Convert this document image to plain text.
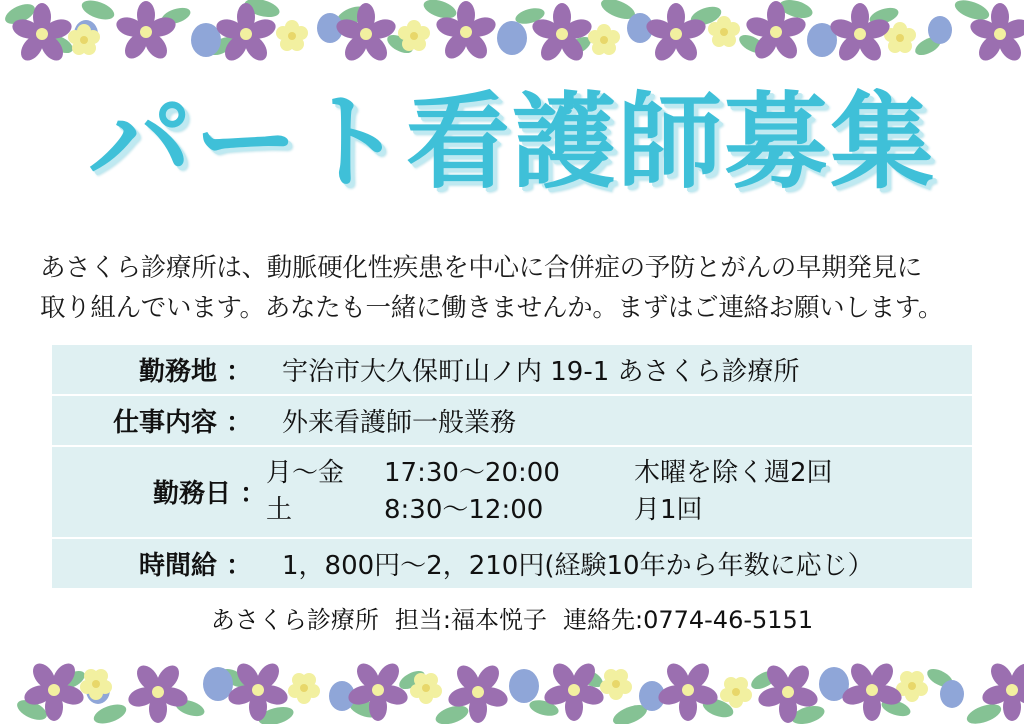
パート看護師募集
あさくら診療所は、動脈硬化性疾患を中心に合併症の予防とがんの早期発見に
取り組んでいます。あなたも一緒に働きませんか。まずはご連絡お願いします。
勤務地 ：	宇治市大久保町山ノ内 19-1 あさくら診療所
仕事内容 ：	外来看護師一般業務
勤務日 ：	月〜金 17:30〜20:00 木曜を除く週2回
土 8:30〜12:00 月1回

時間給 ：	1，800円〜2，210円(経験10年から年数に応じ）
あさくら診療所 担当:福本悦子 連絡先:0774-46-5151
